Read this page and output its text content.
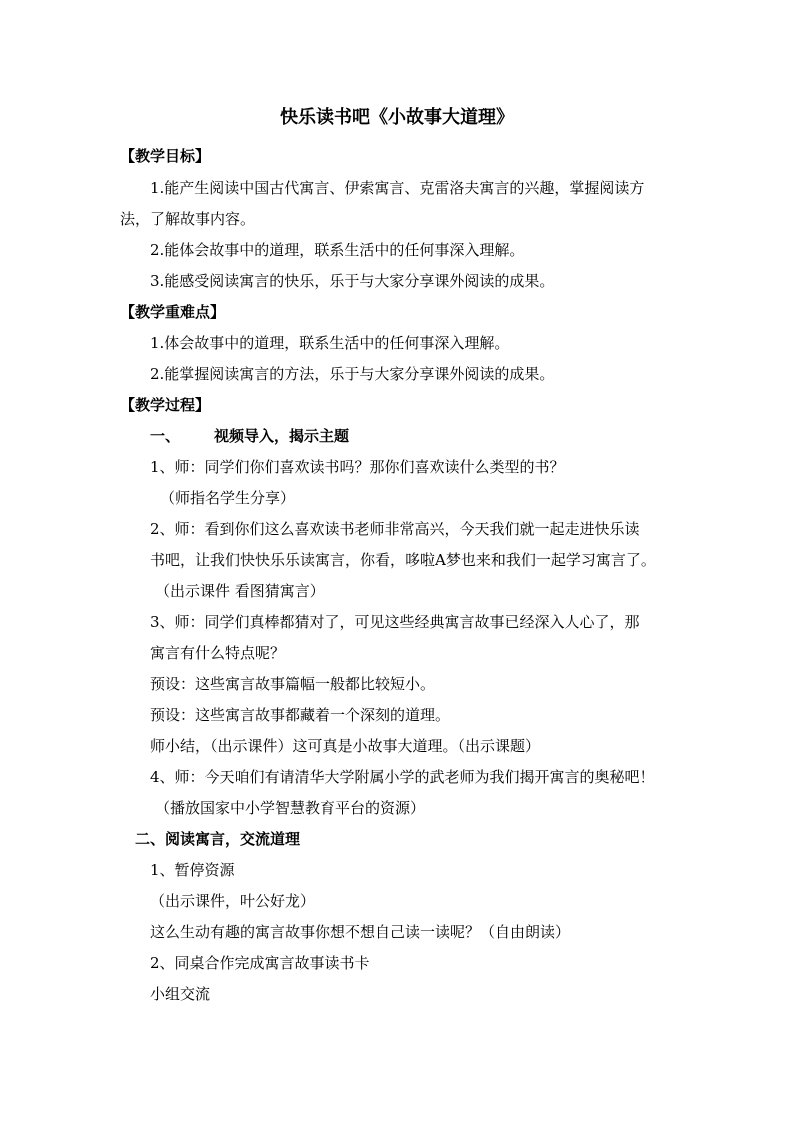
快乐读书吧《小故事大道理》
【教学目标】
1.能产生阅读中国古代寓言、伊索寓言、克雷洛夫寓言的兴趣，掌握阅读方
法，了解故事内容。
2.能体会故事中的道理，联系生活中的任何事深入理解。
3.能感受阅读寓言的快乐，乐于与大家分享课外阅读的成果。
【教学重难点】
1.体会故事中的道理，联系生活中的任何事深入理解。
2.能掌握阅读寓言的方法，乐于与大家分享课外阅读的成果。
【教学过程】
一、 视频导入，揭示主题
1、师：同学们你们喜欢读书吗？那你们喜欢读什么类型的书？
（师指名学生分享）
2、师：看到你们这么喜欢读书老师非常高兴，今天我们就一起走进快乐读
书吧，让我们快快乐乐读寓言，你看，哆啦A梦也来和我们一起学习寓言了。
（出示课件 看图猜寓言）
3、师：同学们真棒都猜对了，可见这些经典寓言故事已经深入人心了，那
寓言有什么特点呢？
预设：这些寓言故事篇幅一般都比较短小。
预设：这些寓言故事都藏着一个深刻的道理。
师小结，（出示课件）这可真是小故事大道理。（出示课题）
4、师：今天咱们有请清华大学附属小学的武老师为我们揭开寓言的奥秘吧！
（播放国家中小学智慧教育平台的资源）
二、阅读寓言，交流道理
1、暂停资源
（出示课件，叶公好龙）
这么生动有趣的寓言故事你想不想自己读一读呢？（自由朗读）
2、同桌合作完成寓言故事读书卡
小组交流
